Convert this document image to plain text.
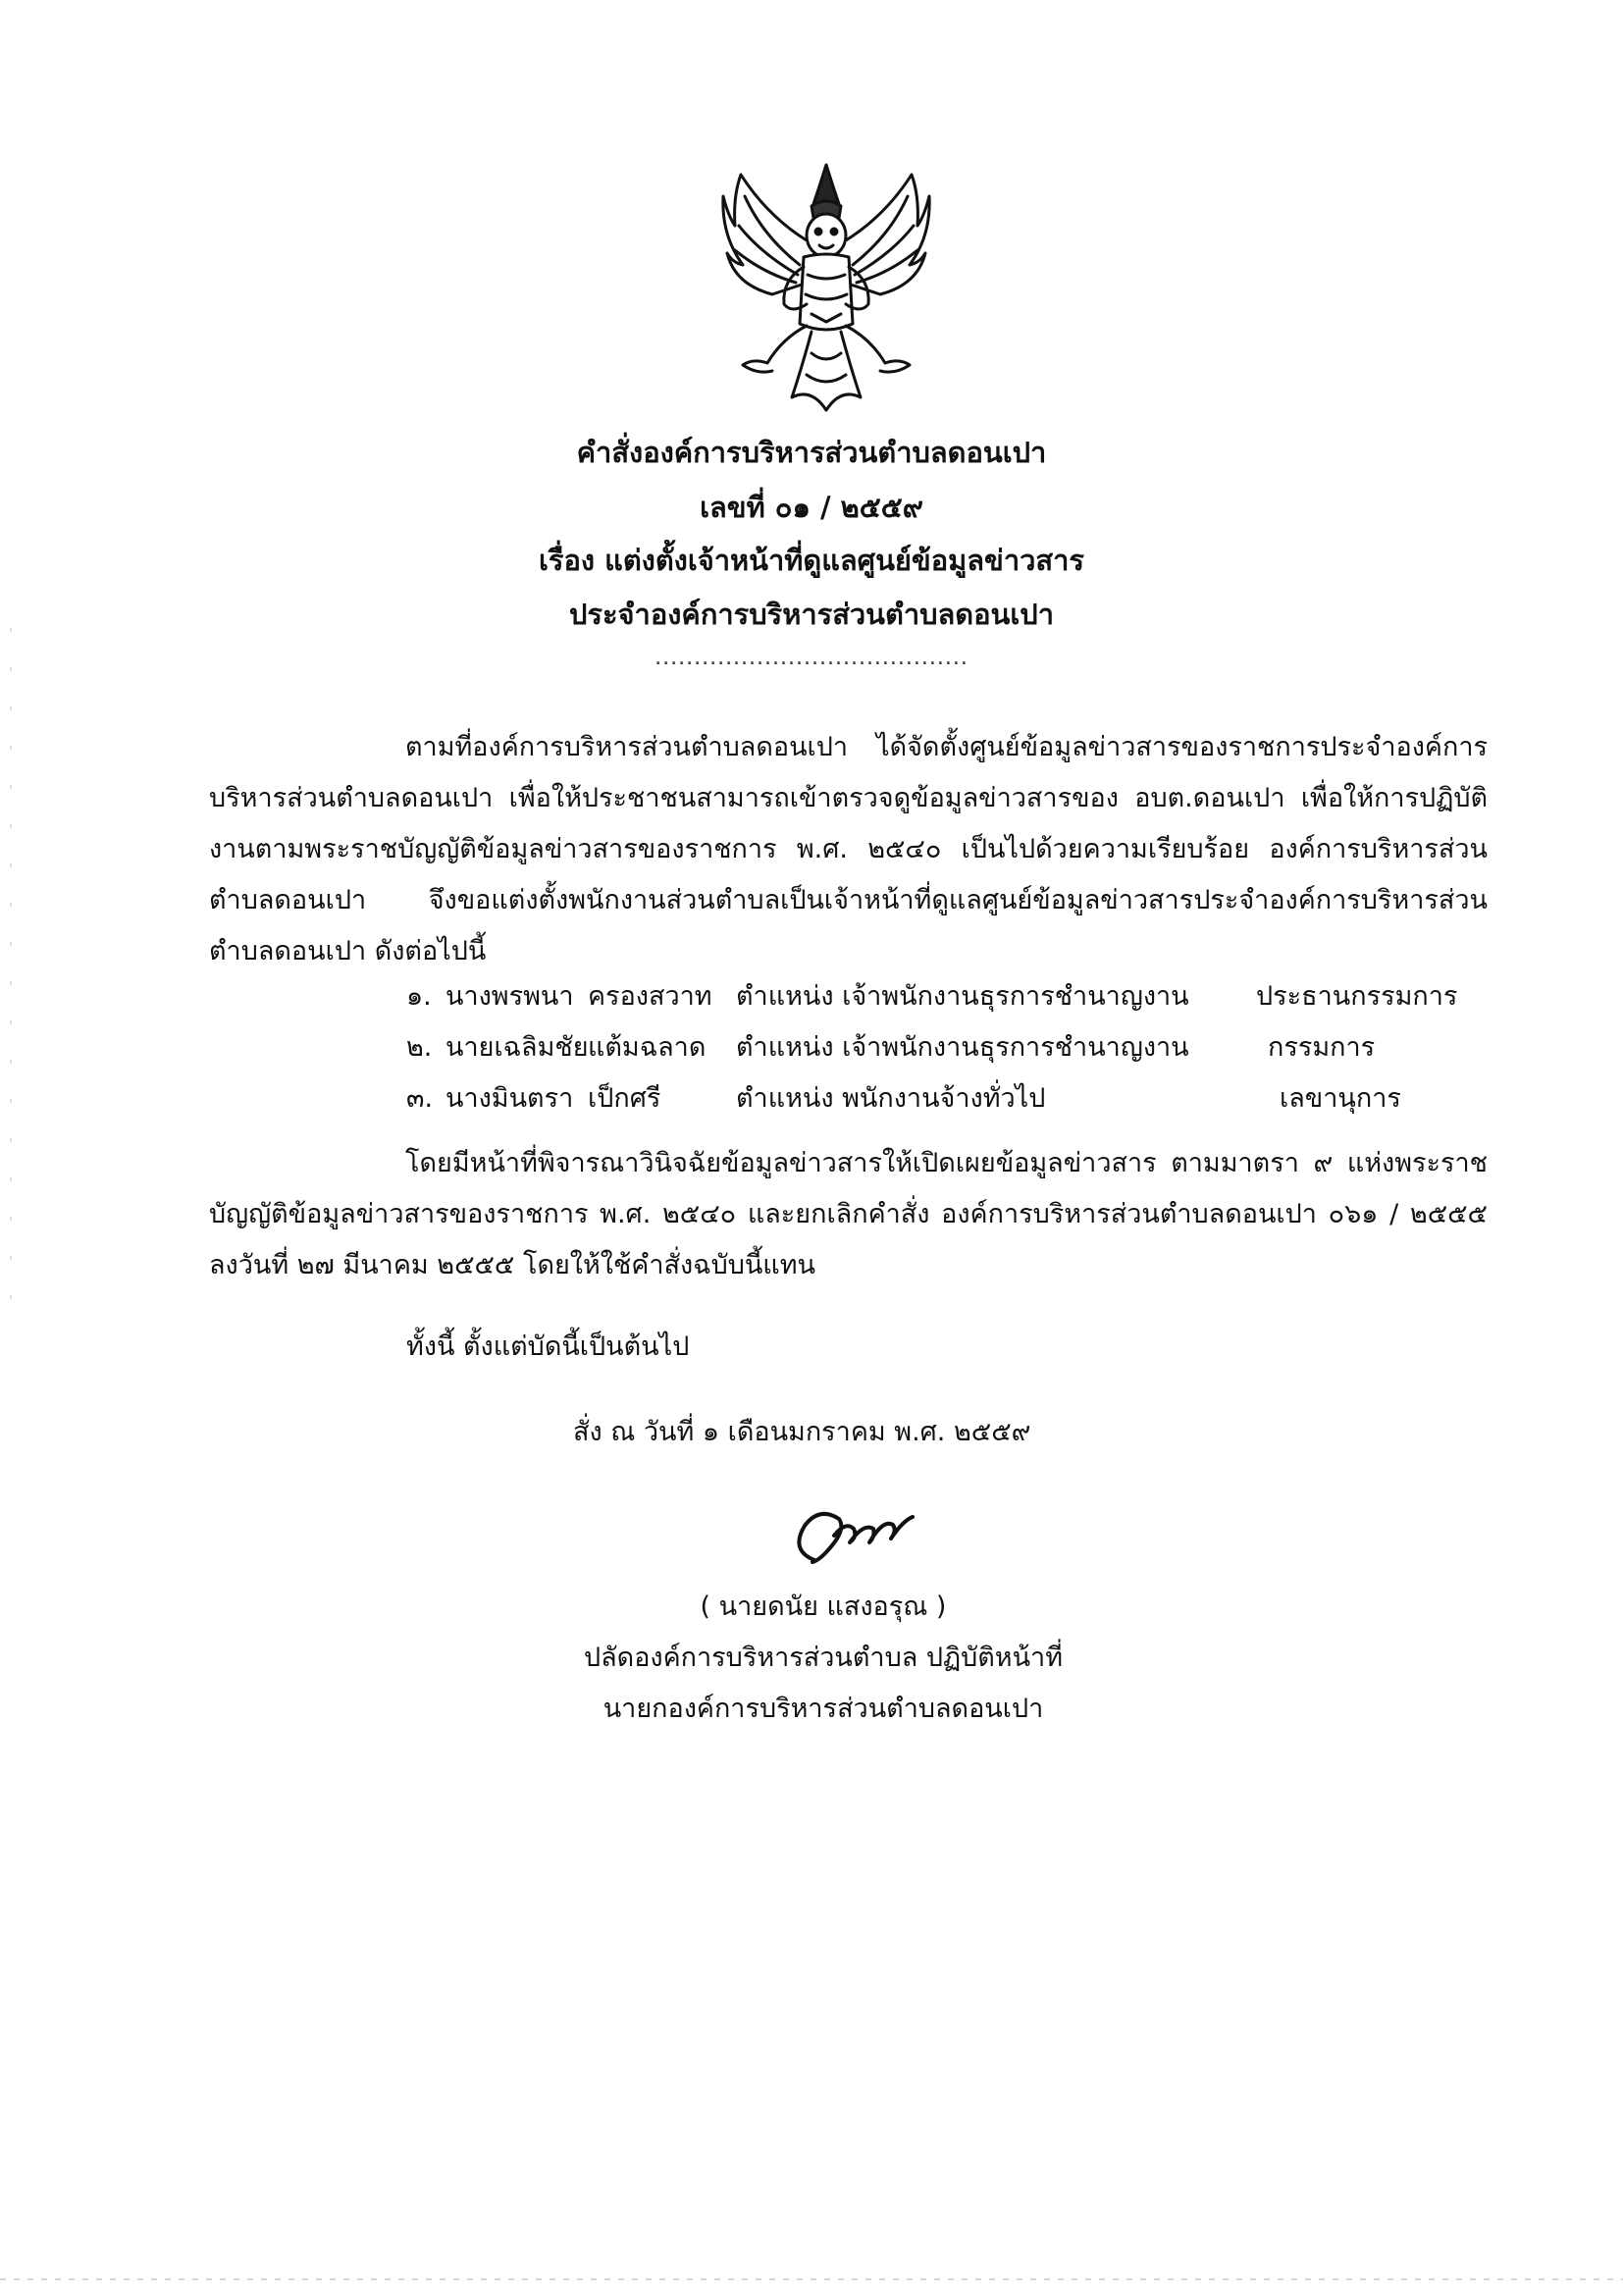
คำสั่งองค์การบริหารส่วนตำบลดอนเปา
เลขที่ ๐๑ / ๒๕๕๙
เรื่อง แต่งตั้งเจ้าหน้าที่ดูแลศูนย์ข้อมูลข่าวสาร
ประจำองค์การบริหารส่วนตำบลดอนเปา
........................................
ตามที่องค์การบริหารส่วนตำบลดอนเปา ได้จัดตั้งศูนย์ข้อมูลข่าวสารของราชการประจำองค์การบริหารส่วนตำบลดอนเปา เพื่อให้ประชาชนสามารถเข้าตรวจดูข้อมูลข่าวสารของ อบต.ดอนเปา เพื่อให้การปฏิบัติงานตามพระราชบัญญัติข้อมูลข่าวสารของราชการ พ.ศ. ๒๕๔๐ เป็นไปด้วยความเรียบร้อย องค์การบริหารส่วนตำบลดอนเปา จึงขอแต่งตั้งพนักงานส่วนตำบลเป็นเจ้าหน้าที่ดูแลศูนย์ข้อมูลข่าวสารประจำองค์การบริหารส่วนตำบลดอนเปา ดังต่อไปนี้
๑. นางพรพนา ครองสวาท ตำแหน่ง เจ้าพนักงานธุรการชำนาญงาน	ประธานกรรมการ
๒. นายเฉลิมชัย แต้มฉลาด ตำแหน่ง เจ้าพนักงานธุรการชำนาญงาน	กรรมการ
๓. นางมินตรา เป็กศรี	ตำแหน่ง พนักงานจ้างทั่วไป	เลขานุการ
โดยมีหน้าที่พิจารณาวินิจฉัยข้อมูลข่าวสารให้เปิดเผยข้อมูลข่าวสาร ตามมาตรา ๙ แห่งพระราชบัญญัติข้อมูลข่าวสารของราชการ พ.ศ. ๒๕๔๐ และยกเลิกคำสั่ง องค์การบริหารส่วนตำบลดอนเปา ๐๖๑ / ๒๕๕๕ ลงวันที่ ๒๗ มีนาคม ๒๕๕๕ โดยให้ใช้คำสั่งฉบับนี้แทน
ทั้งนี้ ตั้งแต่บัดนี้เป็นต้นไป
สั่ง ณ วันที่ ๑ เดือนมกราคม พ.ศ. ๒๕๕๙
( นายดนัย แสงอรุณ )
ปลัดองค์การบริหารส่วนตำบล ปฏิบัติหน้าที่
นายกองค์การบริหารส่วนตำบลดอนเปา
